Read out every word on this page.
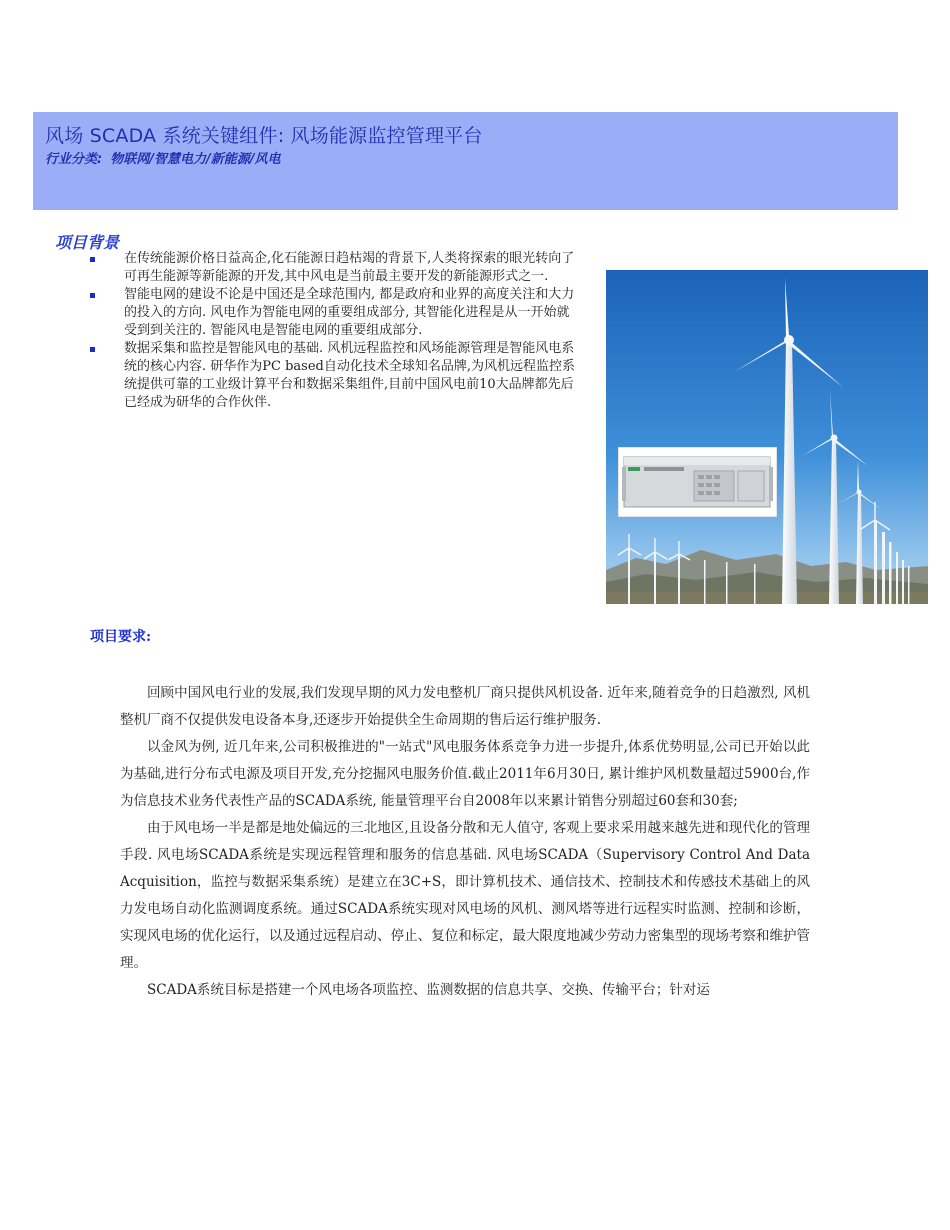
风场 SCADA 系统关键组件: 风场能源监控管理平台
行业分类: 物联网/智慧电力/新能源/风电
项目背景
在传统能源价格日益高企,化石能源日趋枯竭的背景下,人类将探索的眼光转向了可再生能源等新能源的开发,其中风电是当前最主要开发的新能源形式之一.
智能电网的建设不论是中国还是全球范围内, 都是政府和业界的高度关注和大力的投入的方向. 风电作为智能电网的重要组成部分, 其智能化进程是从一开始就受到到关注的. 智能风电是智能电网的重要组成部分.
数据采集和监控是智能风电的基础. 风机远程监控和风场能源管理是智能风电系统的核心内容. 研华作为PC based自动化技术全球知名品牌,为风机远程监控系统提供可靠的工业级计算平台和数据采集组件,目前中国风电前10大品牌都先后已经成为研华的合作伙伴.
项目要求:

回顾中国风电行业的发展,我们发现早期的风力发电整机厂商只提供风机设备. 近年来,随着竞争的日趋激烈, 风机整机厂商不仅提供发电设备本身,还逐步开始提供全生命周期的售后运行维护服务.

以金风为例, 近几年来,公司积极推进的"一站式"风电服务体系竞争力进一步提升,体系优势明显,公司已开始以此为基础,进行分布式电源及项目开发,充分挖掘风电服务价值.截止2011年6月30日, 累计维护风机数量超过5900台,作为信息技术业务代表性产品的SCADA系统, 能量管理平台自2008年以来累计销售分别超过60套和30套;

由于风电场一半是都是地处偏远的三北地区,且设备分散和无人值守, 客观上要求采用越来越先进和现代化的管理手段. 风电场SCADA系统是实现远程管理和服务的信息基础. 风电场SCADA（Supervisory Control And Data Acquisition，监控与数据采集系统）是建立在3C+S，即计算机技术、通信技术、控制技术和传感技术基础上的风力发电场自动化监测调度系统。通过SCADA系统实现对风电场的风机、测风塔等进行远程实时监测、控制和诊断，实现风电场的优化运行，以及通过远程启动、停止、复位和标定，最大限度地减少劳动力密集型的现场考察和维护管理。

SCADA系统目标是搭建一个风电场各项监控、监测数据的信息共享、交换、传输平台；针对运
